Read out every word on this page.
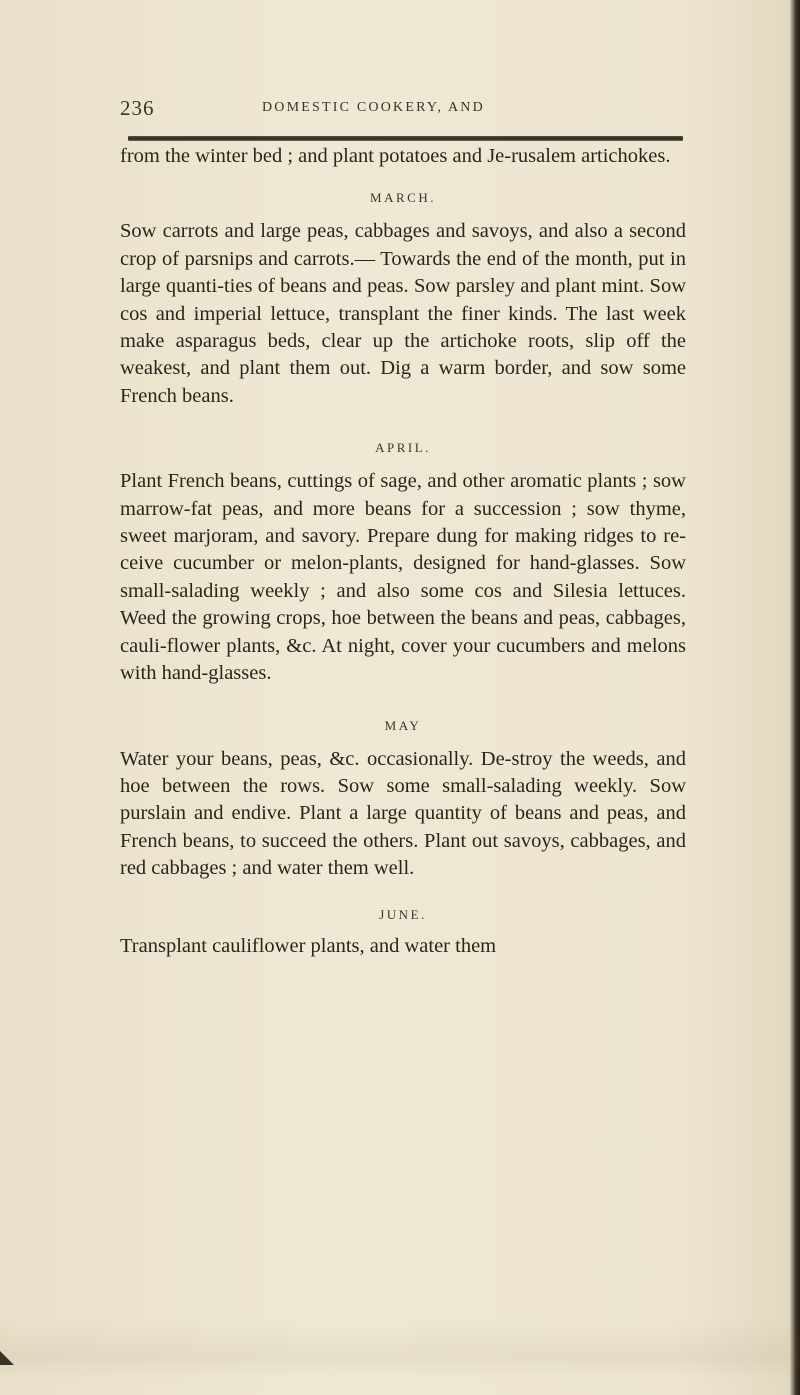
236	DOMESTIC COOKERY, AND

from the winter bed ; and plant potatoes and Je-rusalem artichokes.

MARCH.

Sow carrots and large peas, cabbages and savoys, and also a second crop of parsnips and carrots.— Towards the end of the month, put in large quanti-ties of beans and peas. Sow parsley and plant mint. Sow cos and imperial lettuce, transplant the finer kinds. The last week make asparagus beds, clear up the artichoke roots, slip off the weakest, and plant them out. Dig a warm border, and sow some French beans.

APRIL.

Plant French beans, cuttings of sage, and other aromatic plants ; sow marrow-fat peas, and more beans for a succession ; sow thyme, sweet marjoram, and savory. Prepare dung for making ridges to re-ceive cucumber or melon-plants, designed for hand-glasses. Sow small-salading weekly ; and also some cos and Silesia lettuces. Weed the growing crops, hoe between the beans and peas, cabbages, cauli-flower plants, &c. At night, cover your cucumbers and melons with hand-glasses.

MAY

Water your beans, peas, &c. occasionally. De-stroy the weeds, and hoe between the rows. Sow some small-salading weekly. Sow purslain and endive. Plant a large quantity of beans and peas, and French beans, to succeed the others. Plant out savoys, cabbages, and red cabbages ; and water them well.

JUNE.

Transplant cauliflower plants, and water them
